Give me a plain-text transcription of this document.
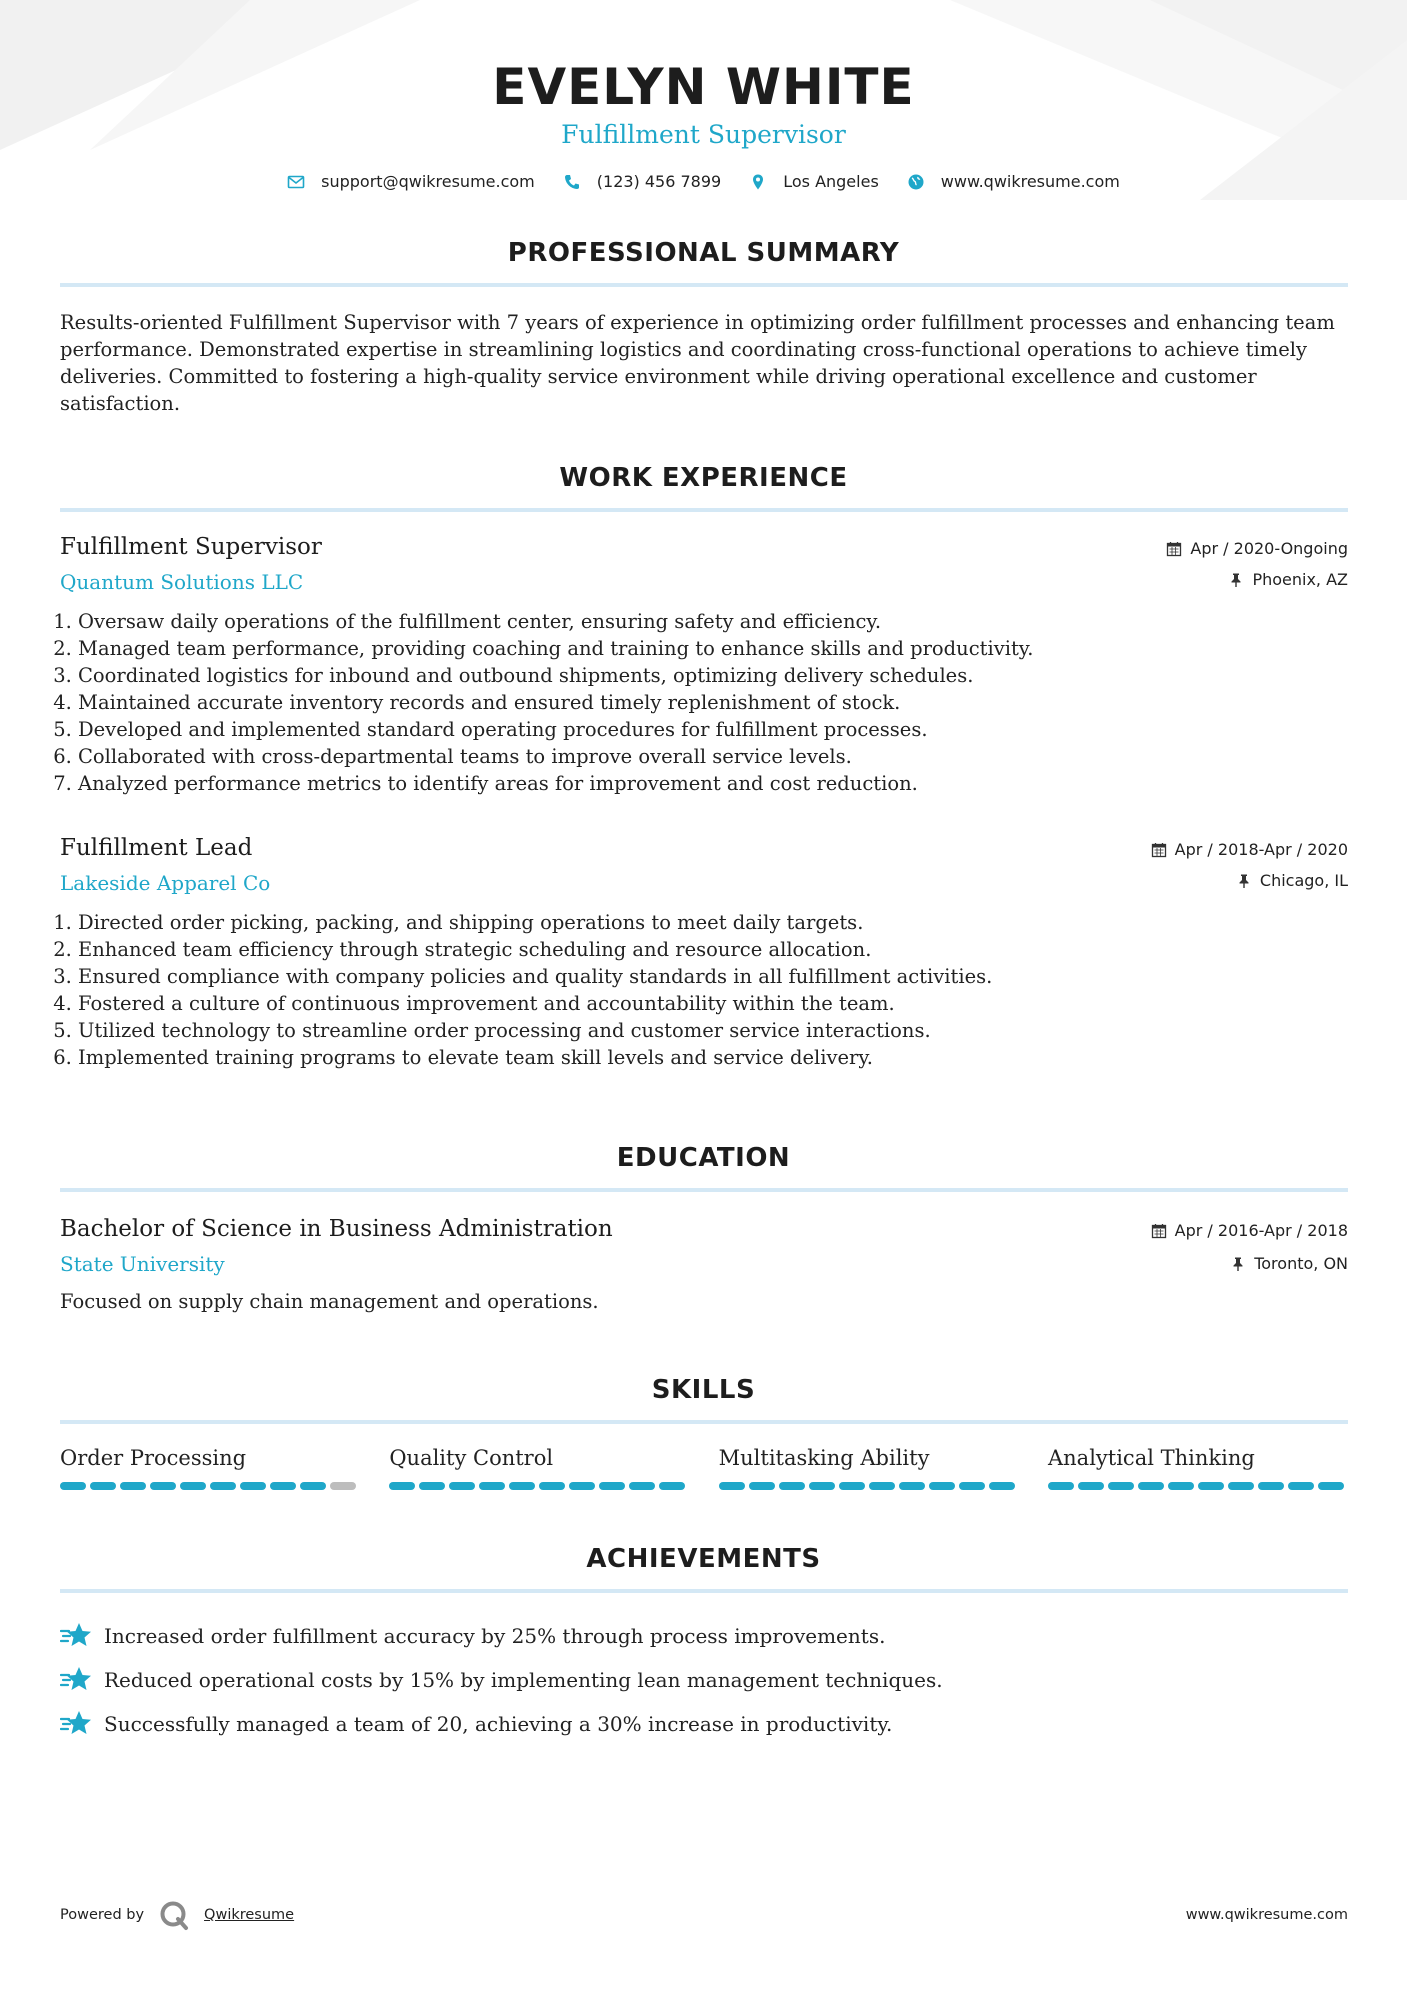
EVELYN WHITE
Fulfillment Supervisor
support@qwikresume.com	(123) 456 7899	Los Angeles	www.qwikresume.com
PROFESSIONAL SUMMARY

Results-oriented Fulfillment Supervisor with 7 years of experience in optimizing order fulfillment processes and enhancing team performance. Demonstrated expertise in streamlining logistics and coordinating cross-functional operations to achieve timely deliveries. Committed to fostering a high-quality service environment while driving operational excellence and customer satisfaction.

WORK EXPERIENCE
Fulfillment Supervisor
Quantum Solutions LLC
Apr / 2020-Ongoing
Phoenix, AZ
1. Oversaw daily operations of the fulfillment center, ensuring safety and efficiency.
2. Managed team performance, providing coaching and training to enhance skills and productivity.
3. Coordinated logistics for inbound and outbound shipments, optimizing delivery schedules.
4. Maintained accurate inventory records and ensured timely replenishment of stock.
5. Developed and implemented standard operating procedures for fulfillment processes.
6. Collaborated with cross-departmental teams to improve overall service levels.
7. Analyzed performance metrics to identify areas for improvement and cost reduction.
Fulfillment Lead
Lakeside Apparel Co
Apr / 2018-Apr / 2020
Chicago, IL
1. Directed order picking, packing, and shipping operations to meet daily targets.
2. Enhanced team efficiency through strategic scheduling and resource allocation.
3. Ensured compliance with company policies and quality standards in all fulfillment activities.
4. Fostered a culture of continuous improvement and accountability within the team.
5. Utilized technology to streamline order processing and customer service interactions.
6. Implemented training programs to elevate team skill levels and service delivery.
EDUCATION
Bachelor of Science in Business Administration
State University
Apr / 2016-Apr / 2018
Toronto, ON
Focused on supply chain management and operations.
SKILLS
Order Processing	Quality Control	Multitasking Ability	Analytical Thinking
ACHIEVEMENTS
Increased order fulfillment accuracy by 25% through process improvements.
Reduced operational costs by 15% by implementing lean management techniques.
Successfully managed a team of 20, achieving a 30% increase in productivity.
Powered by	Qwikresume	www.qwikresume.com
